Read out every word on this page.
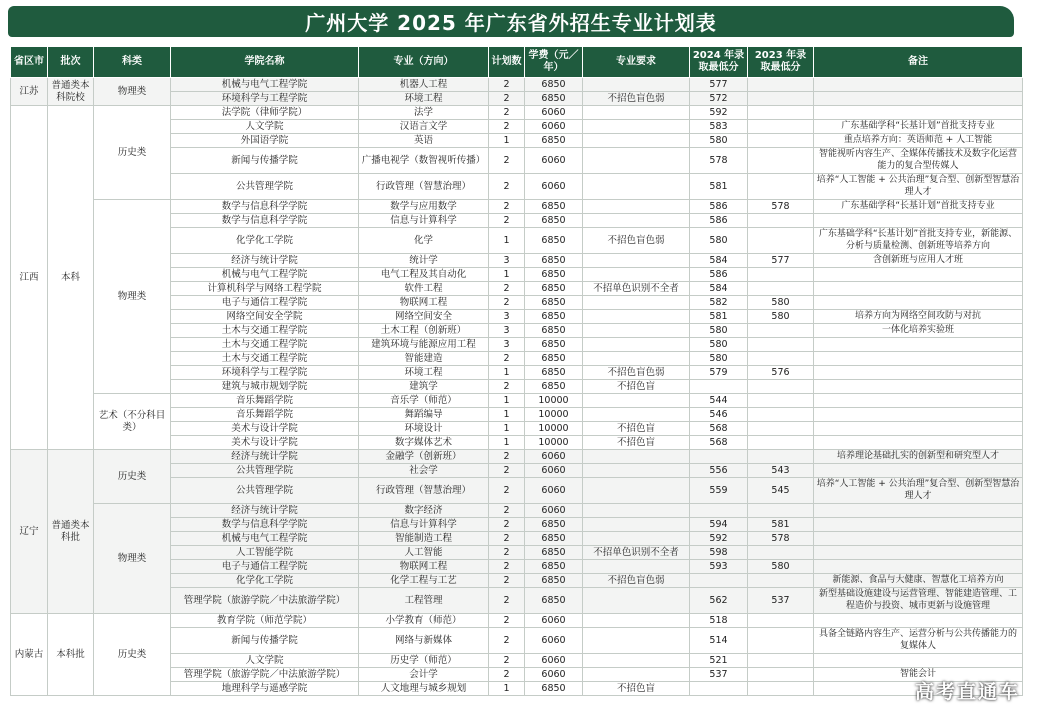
广州大学 2025 年广东省外招生专业计划表
省区市	批次	科类	学院名称	专业（方向）	计划数	学费（元／年）	专业要求	2024 年录取最低分	2023 年录取最低分	备注
江苏	普通类本科院校	物理类	机械与电气工程学院	机器人工程	2	6850		577		
			环境科学与工程学院	环境工程	2	6850	不招色盲色弱	572		
江西	本科	历史类	法学院（律师学院）	法学	2	6060		592		
			人文学院	汉语言文学	2	6060		583		广东基础学科“长基计划”首批支持专业
			外国语学院	英语	1	6850		580		重点培养方向：英语师范 + 人工智能
			新闻与传播学院	广播电视学（数智视听传播）	2	6060		578		智能视听内容生产、全媒体传播技术及数字化运营能力的复合型传媒人
			公共管理学院	行政管理（智慧治理）	2	6060		581		培养“人工智能 + 公共治理”复合型、创新型智慧治理人才
		物理类	数学与信息科学学院	数学与应用数学	2	6850		586	578	广东基础学科“长基计划”首批支持专业
			数学与信息科学学院	信息与计算科学	2	6850		586		
			化学化工学院	化学	1	6850	不招色盲色弱	580		广东基础学科“长基计划”首批支持专业，新能源、分析与质量检测、创新班等培养方向
			经济与统计学院	统计学	3	6850		584	577	含创新班与应用人才班
			机械与电气工程学院	电气工程及其自动化	1	6850		586		
			计算机科学与网络工程学院	软件工程	2	6850	不招单色识别不全者	584		
			电子与通信工程学院	物联网工程	2	6850		582	580	
			网络空间安全学院	网络空间安全	3	6850		581	580	培养方向为网络空间攻防与对抗
			土木与交通工程学院	土木工程（创新班）	3	6850		580		一体化培养实验班
			土木与交通工程学院	建筑环境与能源应用工程	3	6850		580		
			土木与交通工程学院	智能建造	2	6850		580		
			环境科学与工程学院	环境工程	1	6850	不招色盲色弱	579	576	
			建筑与城市规划学院	建筑学	2	6850	不招色盲			
		艺术（不分科目类）	音乐舞蹈学院	音乐学（师范）	1	10000		544		
			音乐舞蹈学院	舞蹈编导	1	10000		546		
			美术与设计学院	环境设计	1	10000	不招色盲	568		
			美术与设计学院	数字媒体艺术	1	10000	不招色盲	568		
辽宁	普通类本科批	历史类	经济与统计学院	金融学（创新班）	2	6060				培养理论基础扎实的创新型和研究型人才
			公共管理学院	社会学	2	6060		556	543	
			公共管理学院	行政管理（智慧治理）	2	6060		559	545	培养“人工智能 + 公共治理”复合型、创新型智慧治理人才
		物理类	经济与统计学院	数字经济	2	6060				
			数学与信息科学学院	信息与计算科学	2	6850		594	581	
			机械与电气工程学院	智能制造工程	2	6850		592	578	
			人工智能学院	人工智能	2	6850	不招单色识别不全者	598		
			电子与通信工程学院	物联网工程	2	6850		593	580	
			化学化工学院	化学工程与工艺	2	6850	不招色盲色弱			新能源、食品与大健康、智慧化工培养方向
			管理学院（旅游学院／中法旅游学院）	工程管理	2	6850		562	537	新型基础设施建设与运营管理、智能建造管理、工程造价与投资、城市更新与设施管理
内蒙古	本科批	历史类	教育学院（师范学院）	小学教育（师范）	2	6060		518		
			新闻与传播学院	网络与新媒体	2	6060		514		具备全链路内容生产、运营分析与公共传播能力的复媒体人
			人文学院	历史学（师范）	2	6060		521		
			管理学院（旅游学院／中法旅游学院）	会计学	2	6060		537		智能会计
			地理科学与遥感学院	人文地理与城乡规划	1	6850	不招色盲				高考直通车
